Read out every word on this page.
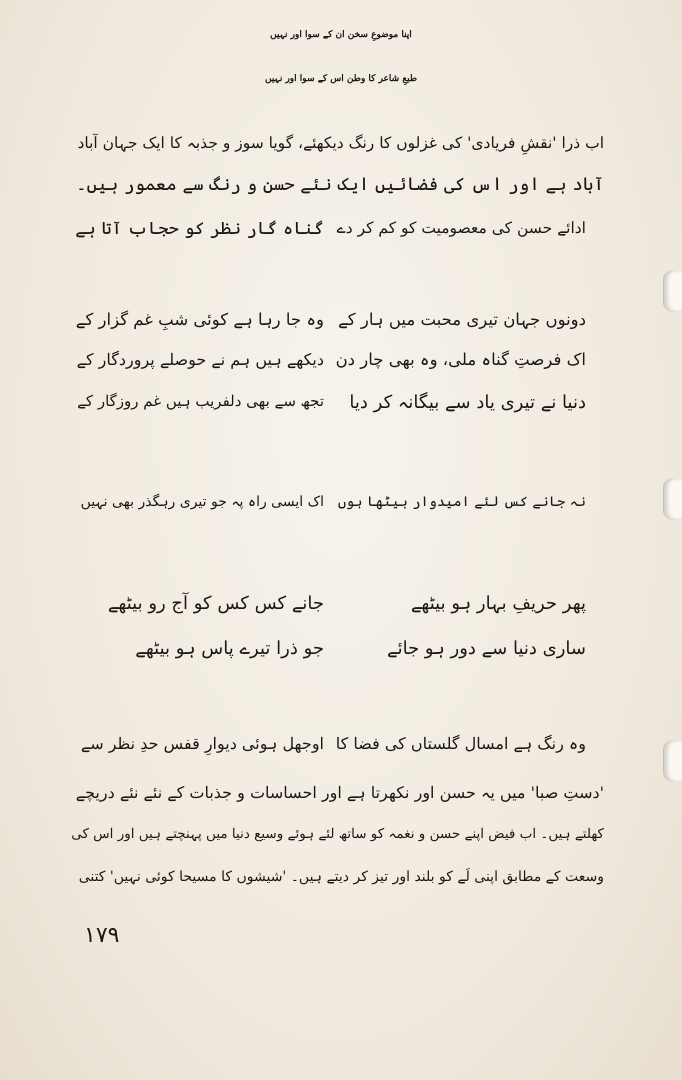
اپنا موضوعِ سخن ان کے سوا اور نہیں
طبعِ شاعر کا وطن اس کے سوا اور نہیں
اب ذرا 'نقشِ فریادی' کی غزلوں کا رنگ دیکھئے، گویا سوز و جذبہ کا ایک جہان آباد
آباد ہے اور اس کی فضائیں ایک نئے حسن و رنگ سے معمور ہیں۔
ادائے حسن کی معصومیت کو کم کر دے
گناہ گار نظر کو حجاب آتا ہے
دونوں جہان تیری محبت میں ہار کے
وہ جا رہا ہے کوئی شبِ غم گزار کے
اک فرصتِ گناہ ملی، وہ بھی چار دن
دیکھے ہیں ہم نے حوصلے پروردگار کے
دنیا نے تیری یاد سے بیگانہ کر دیا
تجھ سے بھی دلفریب ہیں غم روزگار کے
نہ جانے کس لئے امیدوار بیٹھا ہوں
اک ایسی راہ پہ جو تیری رہگذر بھی نہیں
پھر حریفِ بہار ہو بیٹھے
جانے کس کس کو آج رو بیٹھے
ساری دنیا سے دور ہو جائے
جو ذرا تیرے پاس ہو بیٹھے
وہ رنگ ہے امسال گلستاں کی فضا کا
اوجھل ہوئی دیوارِ قفس حدِ نظر سے
'دستِ صبا' میں یہ حسن اور نکھرتا ہے اور احساسات و جذبات کے نئے نئے دریچے
کھلتے ہیں۔ اب فیض اپنے حسن و نغمہ کو ساتھ لئے ہوئے وسیع دنیا میں پہنچتے ہیں اور اس کی
وسعت کے مطابق اپنی لَے کو بلند اور تیز کر دیتے ہیں۔ 'شیشوں کا مسیحا کوئی نہیں' کتنی
۱۷۹
